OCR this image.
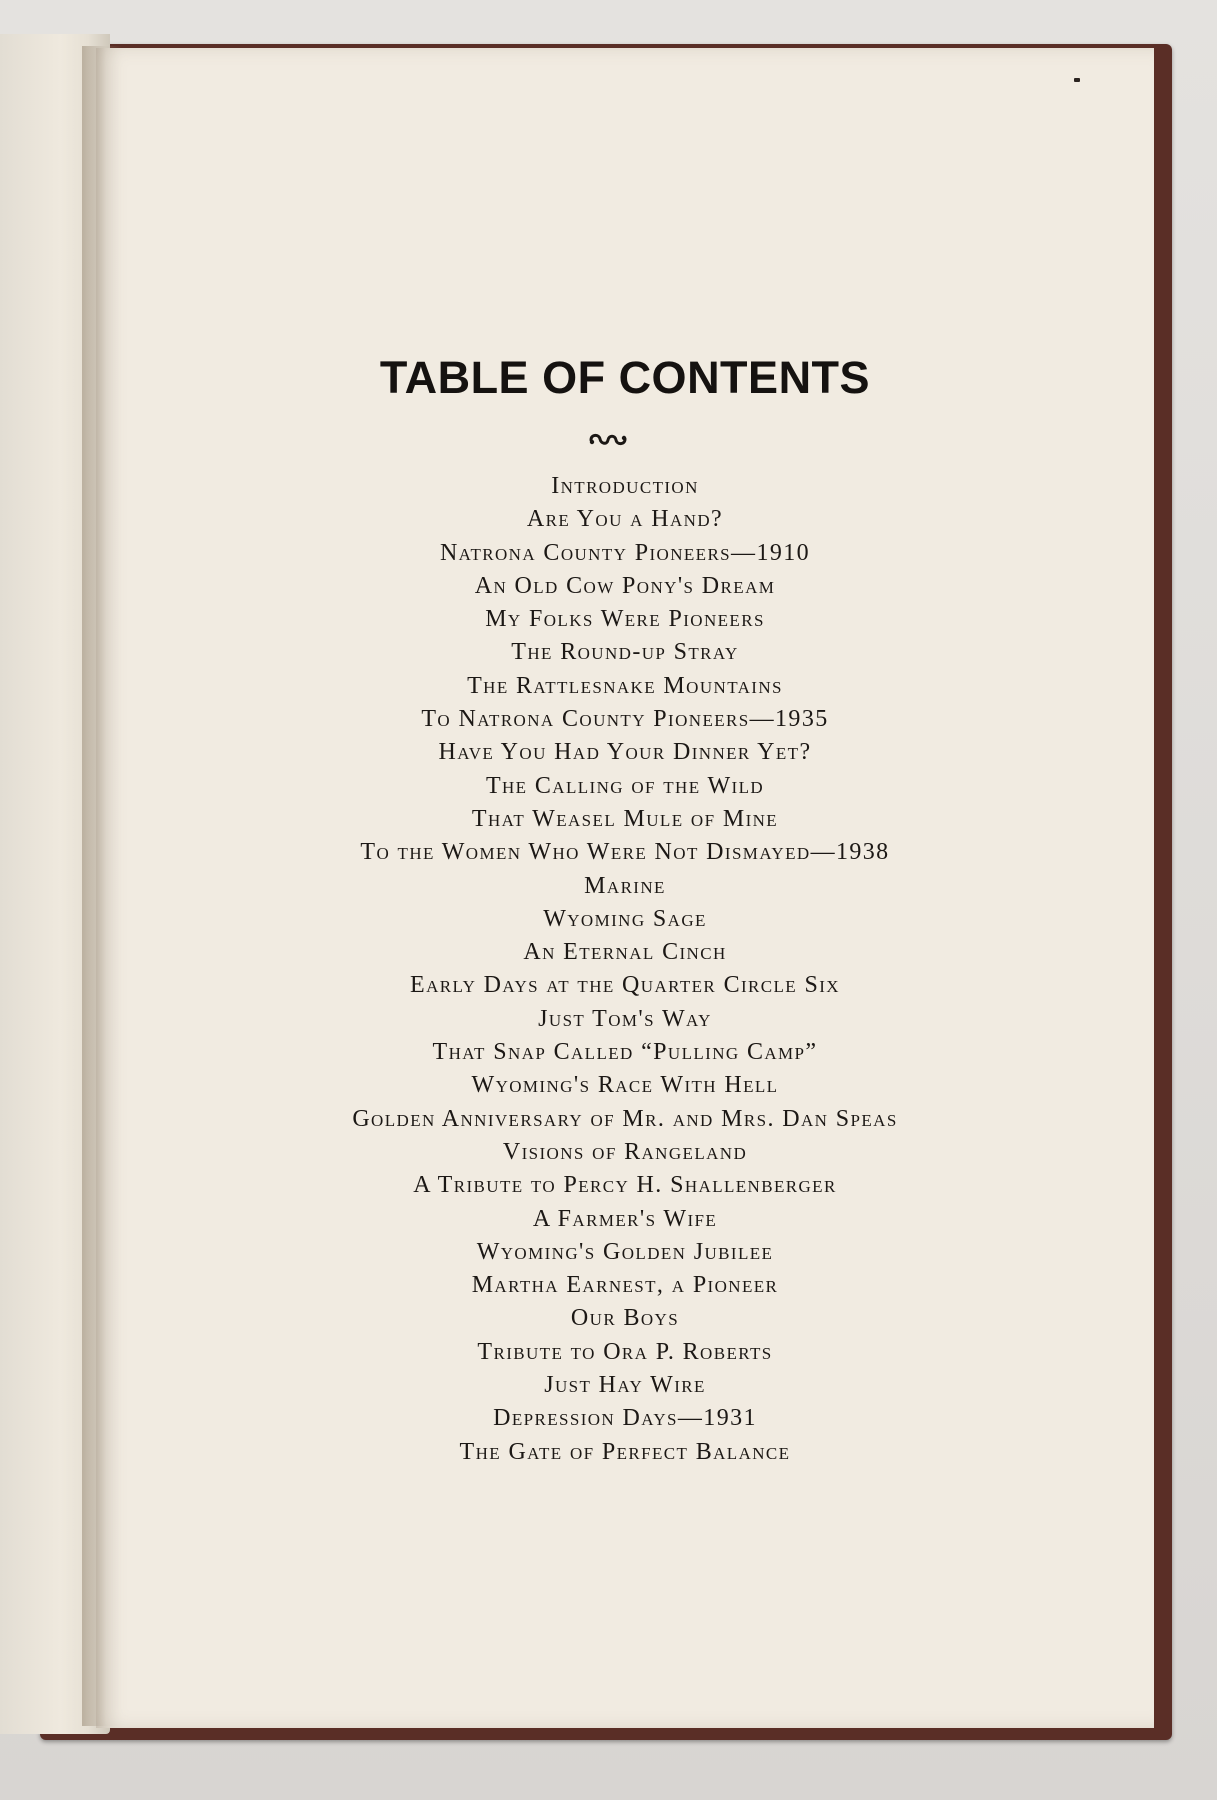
TABLE OF CONTENTS
Introduction
Are You a Hand?
Natrona County Pioneers—1910
An Old Cow Pony's Dream
My Folks Were Pioneers
The Round-up Stray
The Rattlesnake Mountains
To Natrona County Pioneers—1935
Have You Had Your Dinner Yet?
The Calling of the Wild
That Weasel Mule of Mine
To the Women Who Were Not Dismayed—1938
Marine
Wyoming Sage
An Eternal Cinch
Early Days at the Quarter Circle Six
Just Tom's Way
That Snap Called “Pulling Camp”
Wyoming's Race With Hell
Golden Anniversary of Mr. and Mrs. Dan Speas
Visions of Rangeland
A Tribute to Percy H. Shallenberger
A Farmer's Wife
Wyoming's Golden Jubilee
Martha Earnest, a Pioneer
Our Boys
Tribute to Ora P. Roberts
Just Hay Wire
Depression Days—1931
The Gate of Perfect Balance
